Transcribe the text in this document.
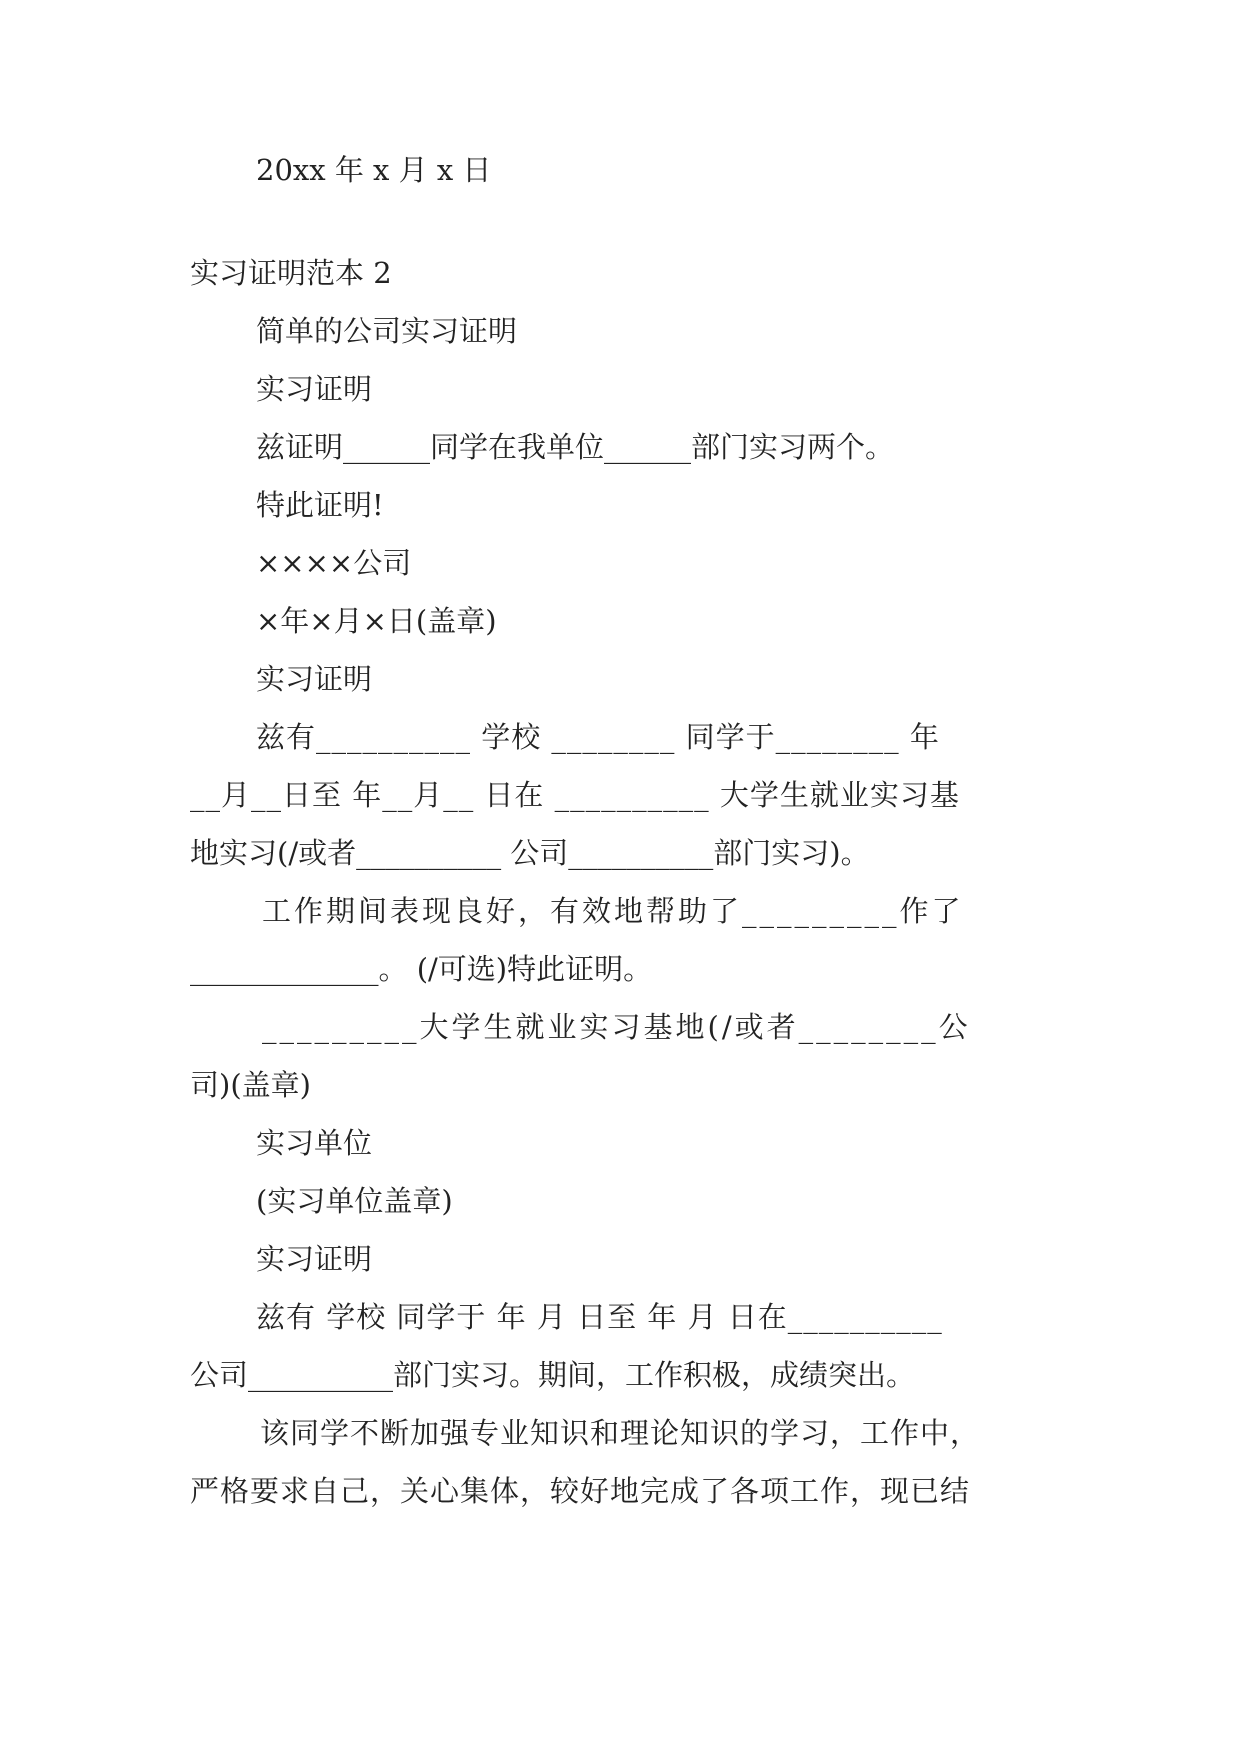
20xx 年 x 月 x 日
实习证明范本 2
简单的公司实习证明
实习证明
兹证明______同学在我单位______部门实习两个。
特此证明!
××××公司
×年×月×日(盖章)
实习证明
兹有__________ 学校 ________ 同学于________ 年
__月__日至 年__月__ 日在 __________ 大学生就业实习基
地实习(/或者__________ 公司__________部门实习)。
工作期间表现良好，有效地帮助了_________作了
_____________。 (/可选)特此证明。
_________大学生就业实习基地(/或者________公
司)(盖章)
实习单位
(实习单位盖章)
实习证明
兹有 学校 同学于 年 月 日至 年 月 日在__________
公司__________部门实习。期间，工作积极，成绩突出。
该同学不断加强专业知识和理论知识的学习，工作中，
严格要求自己，关心集体，较好地完成了各项工作，现已结
